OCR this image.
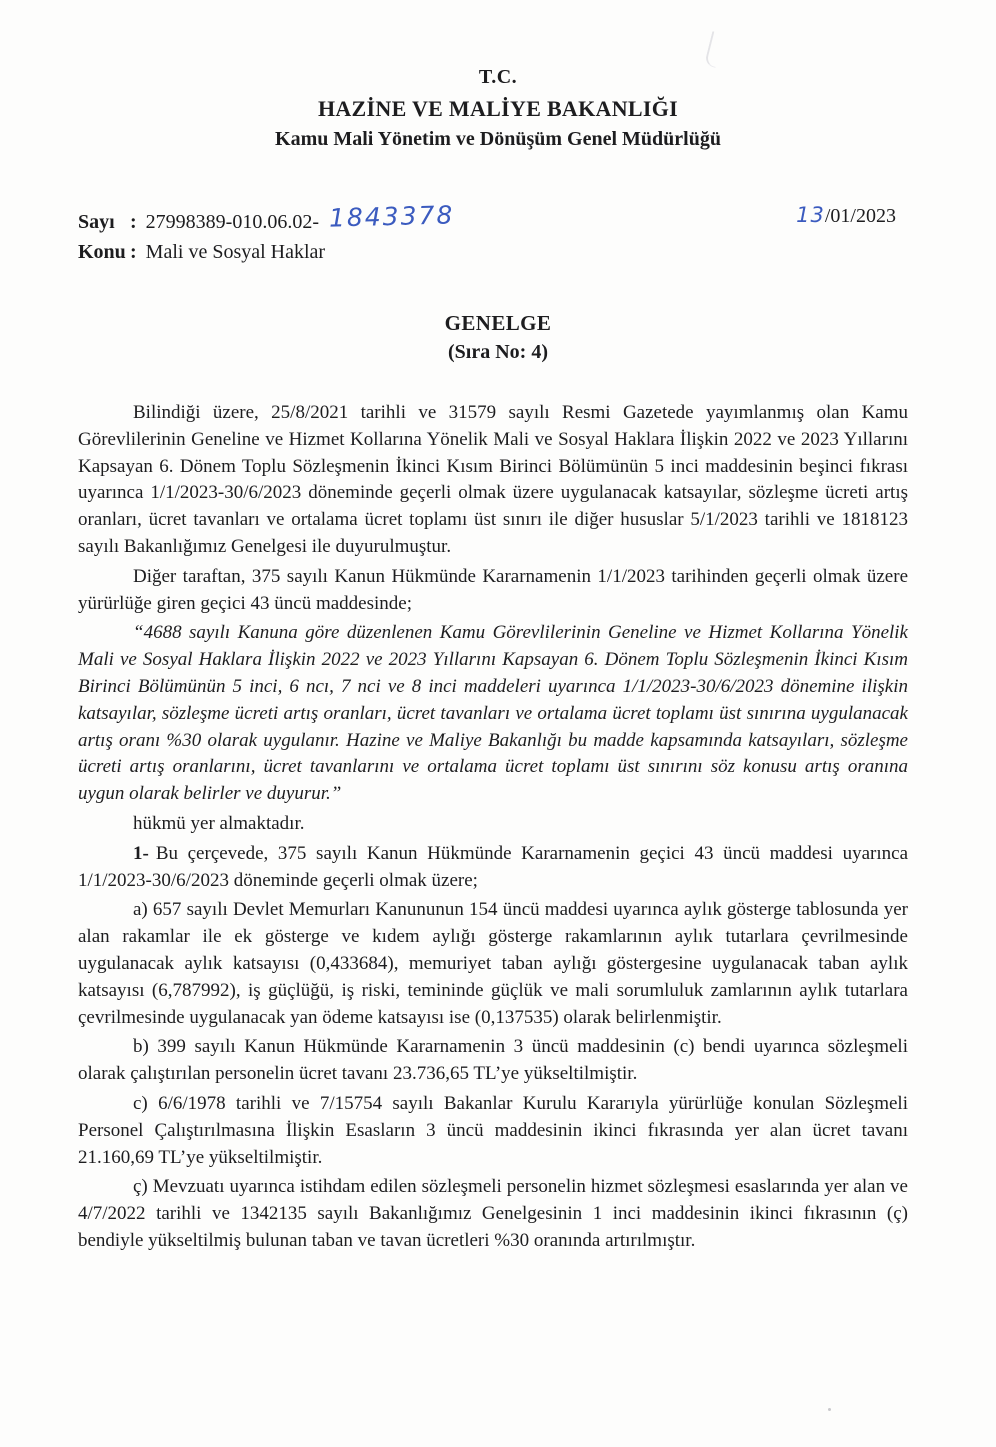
T.C.
HAZİNE VE MALİYE BAKANLIĞI
Kamu Mali Yönetim ve Dönüşüm Genel Müdürlüğü
Sayı : 27998389-010.06.02- 1843378
Konu : Mali ve Sosyal Haklar
13/01/2023
GENELGE
(Sıra No: 4)

Bilindiği üzere, 25/8/2021 tarihli ve 31579 sayılı Resmi Gazetede yayımlanmış olan Kamu Görevlilerinin Geneline ve Hizmet Kollarına Yönelik Mali ve Sosyal Haklara İlişkin 2022 ve 2023 Yıllarını Kapsayan 6. Dönem Toplu Sözleşmenin İkinci Kısım Birinci Bölümünün 5 inci maddesinin beşinci fıkrası uyarınca 1/1/2023-30/6/2023 döneminde geçerli olmak üzere uygulanacak katsayılar, sözleşme ücreti artış oranları, ücret tavanları ve ortalama ücret toplamı üst sınırı ile diğer hususlar 5/1/2023 tarihli ve 1818123 sayılı Bakanlığımız Genelgesi ile duyurulmuştur.

Diğer taraftan, 375 sayılı Kanun Hükmünde Kararnamenin 1/1/2023 tarihinden geçerli olmak üzere yürürlüğe giren geçici 43 üncü maddesinde;

“4688 sayılı Kanuna göre düzenlenen Kamu Görevlilerinin Geneline ve Hizmet Kollarına Yönelik Mali ve Sosyal Haklara İlişkin 2022 ve 2023 Yıllarını Kapsayan 6. Dönem Toplu Sözleşmenin İkinci Kısım Birinci Bölümünün 5 inci, 6 ncı, 7 nci ve 8 inci maddeleri uyarınca 1/1/2023-30/6/2023 dönemine ilişkin katsayılar, sözleşme ücreti artış oranları, ücret tavanları ve ortalama ücret toplamı üst sınırına uygulanacak artış oranı %30 olarak uygulanır. Hazine ve Maliye Bakanlığı bu madde kapsamında katsayıları, sözleşme ücreti artış oranlarını, ücret tavanlarını ve ortalama ücret toplamı üst sınırını söz konusu artış oranına uygun olarak belirler ve duyurur.”

hükmü yer almaktadır.

1- Bu çerçevede, 375 sayılı Kanun Hükmünde Kararnamenin geçici 43 üncü maddesi uyarınca 1/1/2023-30/6/2023 döneminde geçerli olmak üzere;

a) 657 sayılı Devlet Memurları Kanununun 154 üncü maddesi uyarınca aylık gösterge tablosunda yer alan rakamlar ile ek gösterge ve kıdem aylığı gösterge rakamlarının aylık tutarlara çevrilmesinde uygulanacak aylık katsayısı (0,433684), memuriyet taban aylığı göstergesine uygulanacak taban aylık katsayısı (6,787992), iş güçlüğü, iş riski, temininde güçlük ve mali sorumluluk zamlarının aylık tutarlara çevrilmesinde uygulanacak yan ödeme katsayısı ise (0,137535) olarak belirlenmiştir.

b) 399 sayılı Kanun Hükmünde Kararnamenin 3 üncü maddesinin (c) bendi uyarınca sözleşmeli olarak çalıştırılan personelin ücret tavanı 23.736,65 TL’ye yükseltilmiştir.

c) 6/6/1978 tarihli ve 7/15754 sayılı Bakanlar Kurulu Kararıyla yürürlüğe konulan Sözleşmeli Personel Çalıştırılmasına İlişkin Esasların 3 üncü maddesinin ikinci fıkrasında yer alan ücret tavanı 21.160,69 TL’ye yükseltilmiştir.

ç) Mevzuatı uyarınca istihdam edilen sözleşmeli personelin hizmet sözleşmesi esaslarında yer alan ve 4/7/2022 tarihli ve 1342135 sayılı Bakanlığımız Genelgesinin 1 inci maddesinin ikinci fıkrasının (ç) bendiyle yükseltilmiş bulunan taban ve tavan ücretleri %30 oranında artırılmıştır.
